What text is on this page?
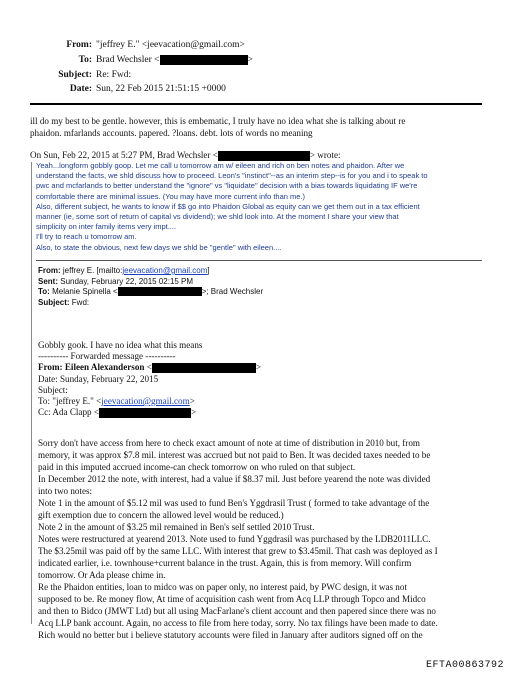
From: "jeffrey E." <jeevacation@gmail.com>
To: Brad Wechsler <	>
Subject: Re: Fwd:
Date: Sun, 22 Feb 2015 21:51:15 +0000
ill do my best to be gentle. however, this is embematic, I truly have no idea what she is talking about re
phaidon. mfarlands accounts. papered. ?loans. debt. lots of words no meaning
On Sun, Feb 22, 2015 at 5:27 PM, Brad Wechsler <	> wrote:
Yeah...longform gobbly goop. Let me call u tomorrow am w/ eileen and rich on ben notes and phaidon. After we
understand the facts, we shld discuss how to proceed. Leon's "instinct"--as an interim step--is for you and i to speak to
pwc and mcfarlands to better understand the "ignore" vs "liquidate" decision with a bias towards liquidating IF we're
comfortable there are minimal issues. (You may have more current info than me.)
Also, different subject, he wants to know if $$ go into Phaidon Global as equity can we get them out in a tax efficient
manner (ie, some sort of return of capital vs dividend); we shld look into. At the moment I share your view that
simplicity on inter family items very impt....
I'll try to reach u tomorrow am.
Also, to state the obvious, next few days we shld be "gentle" with eileen....
From: jeffrey E. [mailto:jeevacation@gmail.com]
Sent: Sunday, February 22, 2015 02:15 PM
To: Melanie Spinella <	>; Brad Wechsler
Subject: Fwd:
Gobbly gook. I have no idea what this means
---------- Forwarded message ----------
From: Eileen Alexanderson <	>
Date: Sunday, February 22, 2015
Subject:
To: "jeffrey E." <jeevacation@gmail.com>
Cc: Ada Clapp <	>
Sorry don't have access from here to check exact amount of note at time of distribution in 2010 but, from
memory, it was approx $7.8 mil. interest was accrued but not paid to Ben. It was decided taxes needed to be
paid in this imputed accrued income-can check tomorrow on who ruled on that subject.
In December 2012 the note, with interest, had a value if $8.37 mil. Just before yearend the note was divided
into two notes:
Note 1 in the amount of $5.12 mil was used to fund Ben's Yggdrasil Trust ( formed to take advantage of the
gift exemption due to concern the allowed level would be reduced.)
Note 2 in the amount of $3.25 mil remained in Ben's self settled 2010 Trust.
Notes were restructured at yearend 2013. Note used to fund Yggdrasil was purchased by the LDB2011LLC.
The $3.25mil was paid off by the same LLC. With interest that grew to $3.45mil. That cash was deployed as I
indicated earlier, i.e. townhouse+current balance in the trust. Again, this is from memory. Will confirm
tomorrow. Or Ada please chime in.
Re the Phaidon entities, loan to midco was on paper only, no interest paid, by PWC design, it was not
supposed to be. Re money flow, At time of acquisition cash went from Acq LLP through Topco and Midco
and then to Bidco (JMWT Ltd) but all using MacFarlane's client account and then papered since there was no
Acq LLP bank account. Again, no access to file from here today, sorry. No tax filings have been made to date.
Rich would no better but i believe statutory accounts were filed in January after auditors signed off on the
EFTA00863792
